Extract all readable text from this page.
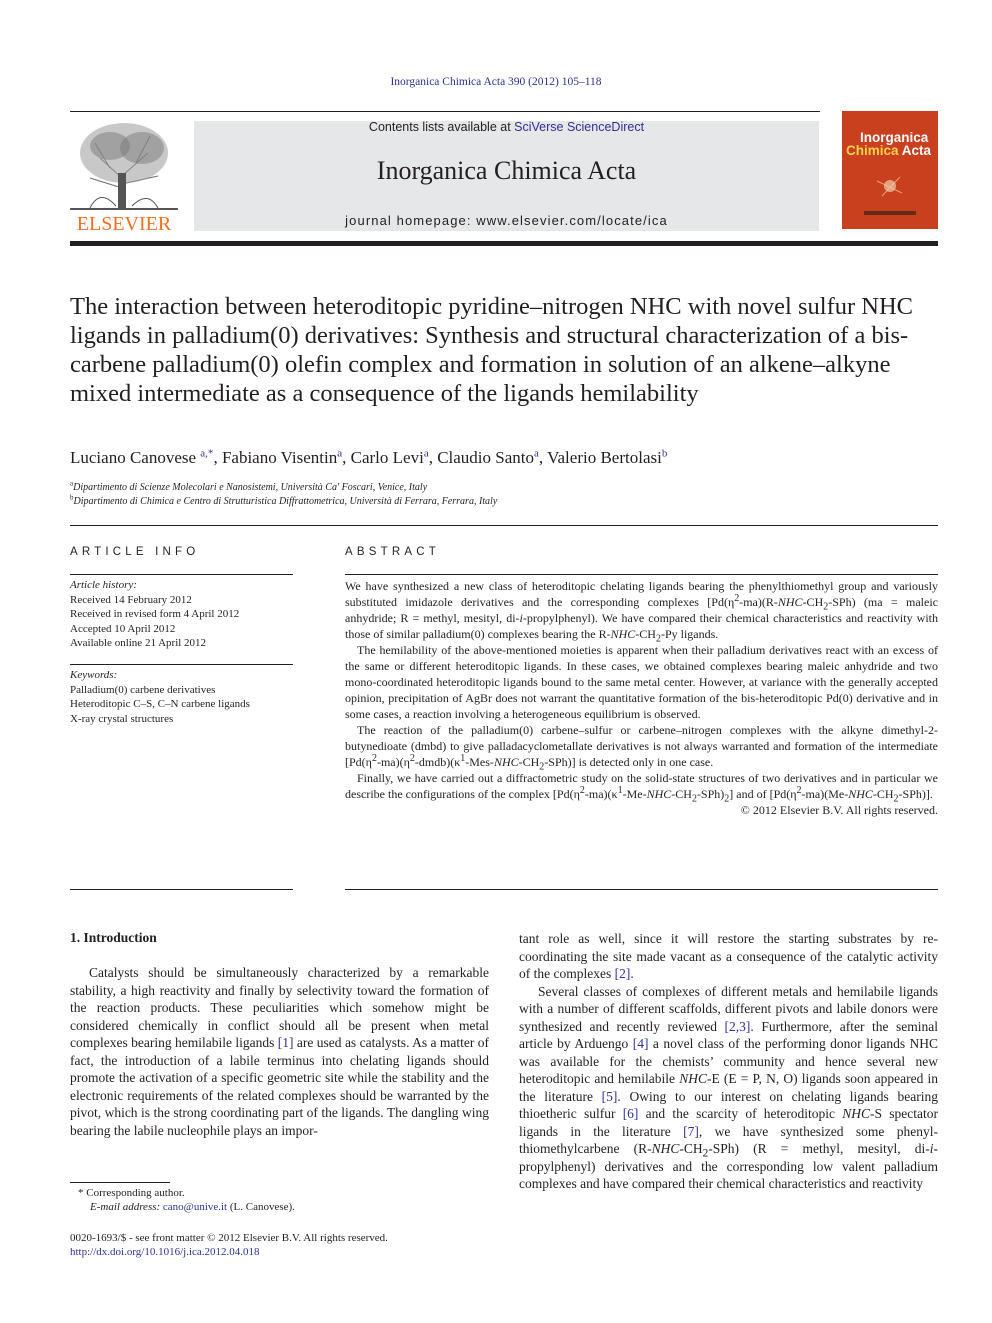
Inorganica Chimica Acta 390 (2012) 105–118
ELSEVIER
Contents lists available at SciVerse ScienceDirect
Inorganica Chimica Acta
journal homepage: www.elsevier.com/locate/ica
Inorganica
Chimica Acta
The interaction between heteroditopic pyridine–nitrogen NHC with novel sulfur NHC ligands in palladium(0) derivatives: Synthesis and structural characterization of a bis-carbene palladium(0) olefin complex and formation in solution of an alkene–alkyne mixed intermediate as a consequence of the ligands hemilability
Luciano Canovese $^{a,*}$, Fabiano Visentin$^a$, Carlo Levi$^a$, Claudio Santo$^a$, Valerio Bertolasi$^b$
$^a$Dipartimento di Scienze Molecolari e Nanosistemi, Università Ca' Foscari, Venice, Italy
$^b$Dipartimento di Chimica e Centro di Strutturistica Diffrattometrica, Università di Ferrara, Ferrara, Italy
ARTICLE INFO
Article history:
Received 14 February 2012
Received in revised form 4 April 2012
Accepted 10 April 2012
Available online 21 April 2012
Keywords:
Palladium(0) carbene derivatives
Heteroditopic C–S, C–N carbene ligands
X-ray crystal structures
ABSTRACT

We have synthesized a new class of heteroditopic chelating ligands bearing the phenylthiomethyl group and variously substituted imidazole derivatives and the corresponding complexes [$Pd(\eta^2-ma)(R-NHC-CH_2-SPh) (ma$ = maleic anhydride; R = methyl, mesityl, di-i-propylphenyl). We have compared their chemical characteristics and reactivity with those of similar palladium(0) complexes bearing the $R-NHC-CH_2-Py$ ligands.

The hemilability of the above-mentioned moieties is apparent when their palladium derivatives react with an excess of the same or different heteroditopic ligands. In these cases, we obtained complexes bearing maleic anhydride and two mono-coordinated heteroditopic ligands bound to the same metal center. However, at variance with the generally accepted opinion, precipitation of AgBr does not warrant the quantitative formation of the bis-heteroditopic Pd(0) derivative and in some cases, a reaction involving a heterogeneous equilibrium is observed.

The reaction of the palladium(0) carbene–sulfur or carbene–nitrogen complexes with the alkyne dimethyl-2-butynedioate (dmbd) to give palladacyclometallate derivatives is not always warranted and formation of the intermediate $[Pd(\eta^2-ma)(\eta^2-dmdb)(\kappa^1-Mes-NHC-CH_2-SPh)]$ is detected only in one case.

Finally, we have carried out a diffractometric study on the solid-state structures of two derivatives and in particular we describe the configurations of the complex $[Pd(\eta^2-ma)(\kappa^1-Me-NHC-CH_2-SPh)_2]$ and of $[Pd(\eta^2-ma)(Me-NHC-CH_2-SPh)]$.

© 2012 Elsevier B.V. All rights reserved.
1. Introduction

Catalysts should be simultaneously characterized by a remarkable stability, a high reactivity and finally by selectivity toward the formation of the reaction products. These peculiarities which somehow might be considered chemically in conflict should all be present when metal complexes bearing hemilabile ligands [1] are used as catalysts. As a matter of fact, the introduction of a labile terminus into chelating ligands should promote the activation of a specific geometric site while the stability and the electronic requirements of the related complexes should be warranted by the pivot, which is the strong coordinating part of the ligands. The dangling wing bearing the labile nucleophile plays an impor-

tant role as well, since it will restore the starting substrates by re-coordinating the site made vacant as a consequence of the catalytic activity of the complexes [2].

Several classes of complexes of different metals and hemilabile ligands with a number of different scaffolds, different pivots and labile donors were synthesized and recently reviewed [2,3]. Furthermore, after the seminal article by Arduengo [4] a novel class of the performing donor ligands NHC was available for the chemists’ community and hence several new heteroditopic and hemilabile NHC-E (E = P, N, O) ligands soon appeared in the literature [5]. Owing to our interest on chelating ligands bearing thioetheric sulfur [6] and the scarcity of heteroditopic NHC-S spectator ligands in the literature [7], we have synthesized some phenyl-thiomethylcarbene $(R-NHC-CH_2-SPh) (R$ = methyl, mesityl, di-i-propylphenyl) derivatives and the corresponding low valent palladium complexes and have compared their chemical characteristics and reactivity

* Corresponding author.
E-mail address: cano@unive.it (L. Canovese).
0020-1693/$ - see front matter © 2012 Elsevier B.V. All rights reserved.
http://dx.doi.org/10.1016/j.ica.2012.04.018
